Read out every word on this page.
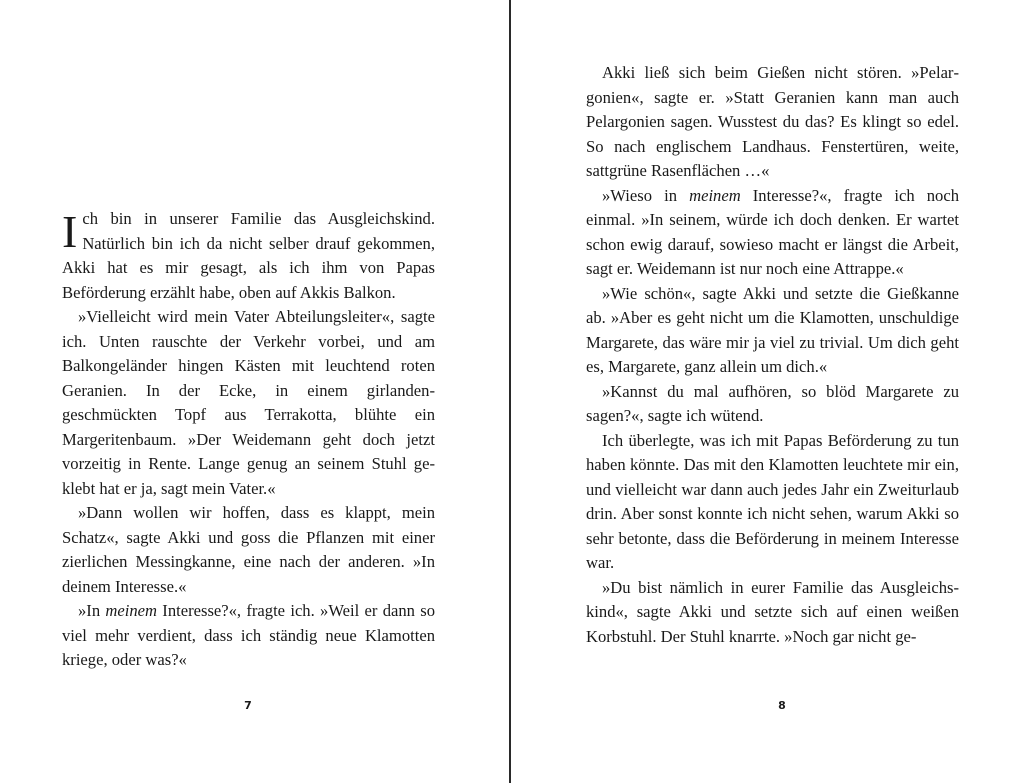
Ich bin in unserer Familie das Ausgleichskind. Natürlich bin ich da nicht selber drauf gekommen, Akki hat es mir gesagt, als ich ihm von Papas Beförderung erzählt habe, oben auf Akkis Balkon.

»Vielleicht wird mein Vater Abteilungsleiter«, sagte ich. Unten rauschte der Verkehr vorbei, und am Balkongeländer hingen Kästen mit leuchtend roten Geranien. In der Ecke, in einem girlandengeschmückten Topf aus Terrakotta, blühte ein Margeritenbaum. »Der Weidemann geht doch jetzt vorzeitig in Rente. Lange genug an seinem Stuhl geklebt hat er ja, sagt mein Vater.«

»Dann wollen wir hoffen, dass es klappt, mein Schatz«, sagte Akki und goss die Pflanzen mit einer zierlichen Messingkanne, eine nach der anderen. »In deinem Interesse.«

»In meinem Interesse?«, fragte ich. »Weil er dann so viel mehr verdient, dass ich ständig neue Klamotten kriege, oder was?«

7

Akki ließ sich beim Gießen nicht stören. »Pelargonien«, sagte er. »Statt Geranien kann man auch Pelargonien sagen. Wusstest du das? Es klingt so edel. So nach englischem Landhaus. Fenstertüren, weite, sattgrüne Rasenflächen …«

»Wieso in meinem Interesse?«, fragte ich noch einmal. »In seinem, würde ich doch denken. Er wartet schon ewig darauf, sowieso macht er längst die Arbeit, sagt er. Weidemann ist nur noch eine Attrappe.«

»Wie schön«, sagte Akki und setzte die Gießkanne ab. »Aber es geht nicht um die Klamotten, unschuldige Margarete, das wäre mir ja viel zu trivial. Um dich geht es, Margarete, ganz allein um dich.«

»Kannst du mal aufhören, so blöd Margarete zu sagen?«, sagte ich wütend.

Ich überlegte, was ich mit Papas Beförderung zu tun haben könnte. Das mit den Klamotten leuchtete mir ein, und vielleicht war dann auch jedes Jahr ein Zweiturlaub drin. Aber sonst konnte ich nicht sehen, warum Akki so sehr betonte, dass die Beförderung in meinem Interesse war.

»Du bist nämlich in eurer Familie das Ausgleichskind«, sagte Akki und setzte sich auf einen weißen Korbstuhl. Der Stuhl knarrte. »Noch gar nicht ge-

8
